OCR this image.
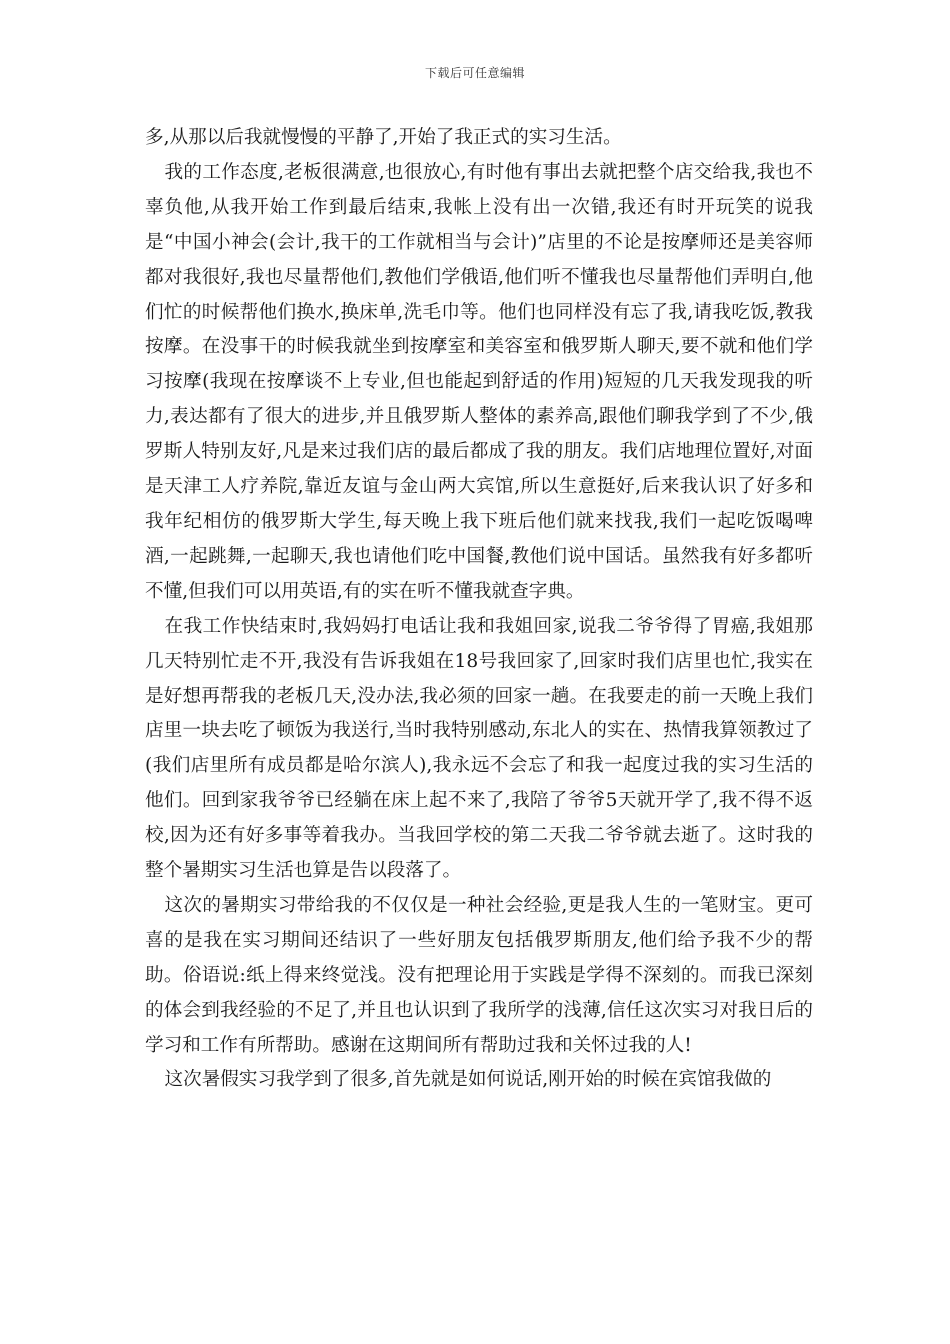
下载后可任意编辑

多,从那以后我就慢慢的平静了,开始了我正式的实习生活。

我的工作态度,老板很满意,也很放心,有时他有事出去就把整个店交给我,我也不辜负他,从我开始工作到最后结束,我帐上没有出一次错,我还有时开玩笑的说我是“中国小神会(会计,我干的工作就相当与会计)”店里的不论是按摩师还是美容师都对我很好,我也尽量帮他们,教他们学俄语,他们听不懂我也尽量帮他们弄明白,他们忙的时候帮他们换水,换床单,洗毛巾等。他们也同样没有忘了我,请我吃饭,教我按摩。在没事干的时候我就坐到按摩室和美容室和俄罗斯人聊天,要不就和他们学习按摩(我现在按摩谈不上专业,但也能起到舒适的作用)短短的几天我发现我的听力,表达都有了很大的进步,并且俄罗斯人整体的素养高,跟他们聊我学到了不少,俄罗斯人特别友好,凡是来过我们店的最后都成了我的朋友。我们店地理位置好,对面是天津工人疗养院,靠近友谊与金山两大宾馆,所以生意挺好,后来我认识了好多和我年纪相仿的俄罗斯大学生,每天晚上我下班后他们就来找我,我们一起吃饭喝啤酒,一起跳舞,一起聊天,我也请他们吃中国餐,教他们说中国话。虽然我有好多都听不懂,但我们可以用英语,有的实在听不懂我就查字典。

在我工作快结束时,我妈妈打电话让我和我姐回家,说我二爷爷得了胃癌,我姐那几天特别忙走不开,我没有告诉我姐在18号我回家了,回家时我们店里也忙,我实在是好想再帮我的老板几天,没办法,我必须的回家一趟。在我要走的前一天晚上我们店里一块去吃了顿饭为我送行,当时我特别感动,东北人的实在、热情我算领教过了(我们店里所有成员都是哈尔滨人),我永远不会忘了和我一起度过我的实习生活的他们。回到家我爷爷已经躺在床上起不来了,我陪了爷爷5天就开学了,我不得不返校,因为还有好多事等着我办。当我回学校的第二天我二爷爷就去逝了。这时我的整个暑期实习生活也算是告以段落了。

这次的暑期实习带给我的不仅仅是一种社会经验,更是我人生的一笔财宝。更可喜的是我在实习期间还结识了一些好朋友包括俄罗斯朋友,他们给予我不少的帮助。俗语说:纸上得来终觉浅。没有把理论用于实践是学得不深刻的。而我已深刻的体会到我经验的不足了,并且也认识到了我所学的浅薄,信任这次实习对我日后的学习和工作有所帮助。感谢在这期间所有帮助过我和关怀过我的人!

这次暑假实习我学到了很多,首先就是如何说话,刚开始的时候在宾馆我做的
